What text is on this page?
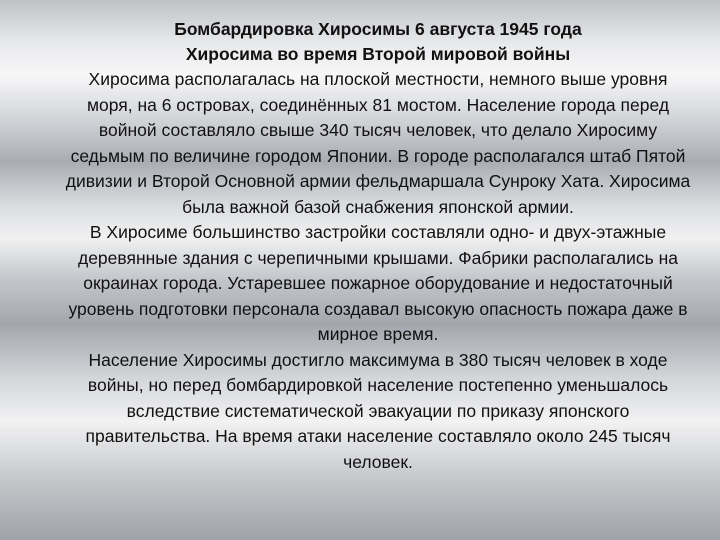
Бомбардировка Хиросимы 6 августа 1945 года

Хиросима во время Второй мировой войны

Хиросима располагалась на плоской местности, немного выше уровня моря, на 6 островах, соединённых 81 мостом. Население города перед войной составляло свыше 340 тысяч человек, что делало Хиросиму седьмым по величине городом Японии. В городе располагался штаб Пятой дивизии и Второй Основной армии фельдмаршала Сунроку Хата. Хиросима была важной базой снабжения японской армии.

В Хиросиме большинство застройки составляли одно- и двух-этажные деревянные здания с черепичными крышами. Фабрики располагались на окраинах города. Устаревшее пожарное оборудование и недостаточный уровень подготовки персонала создавал высокую опасность пожара даже в мирное время.

Население Хиросимы достигло максимума в 380 тысяч человек в ходе войны, но перед бомбардировкой население постепенно уменьшалось вследствие систематической эвакуации по приказу японского правительства. На время атаки население составляло около 245 тысяч человек.
